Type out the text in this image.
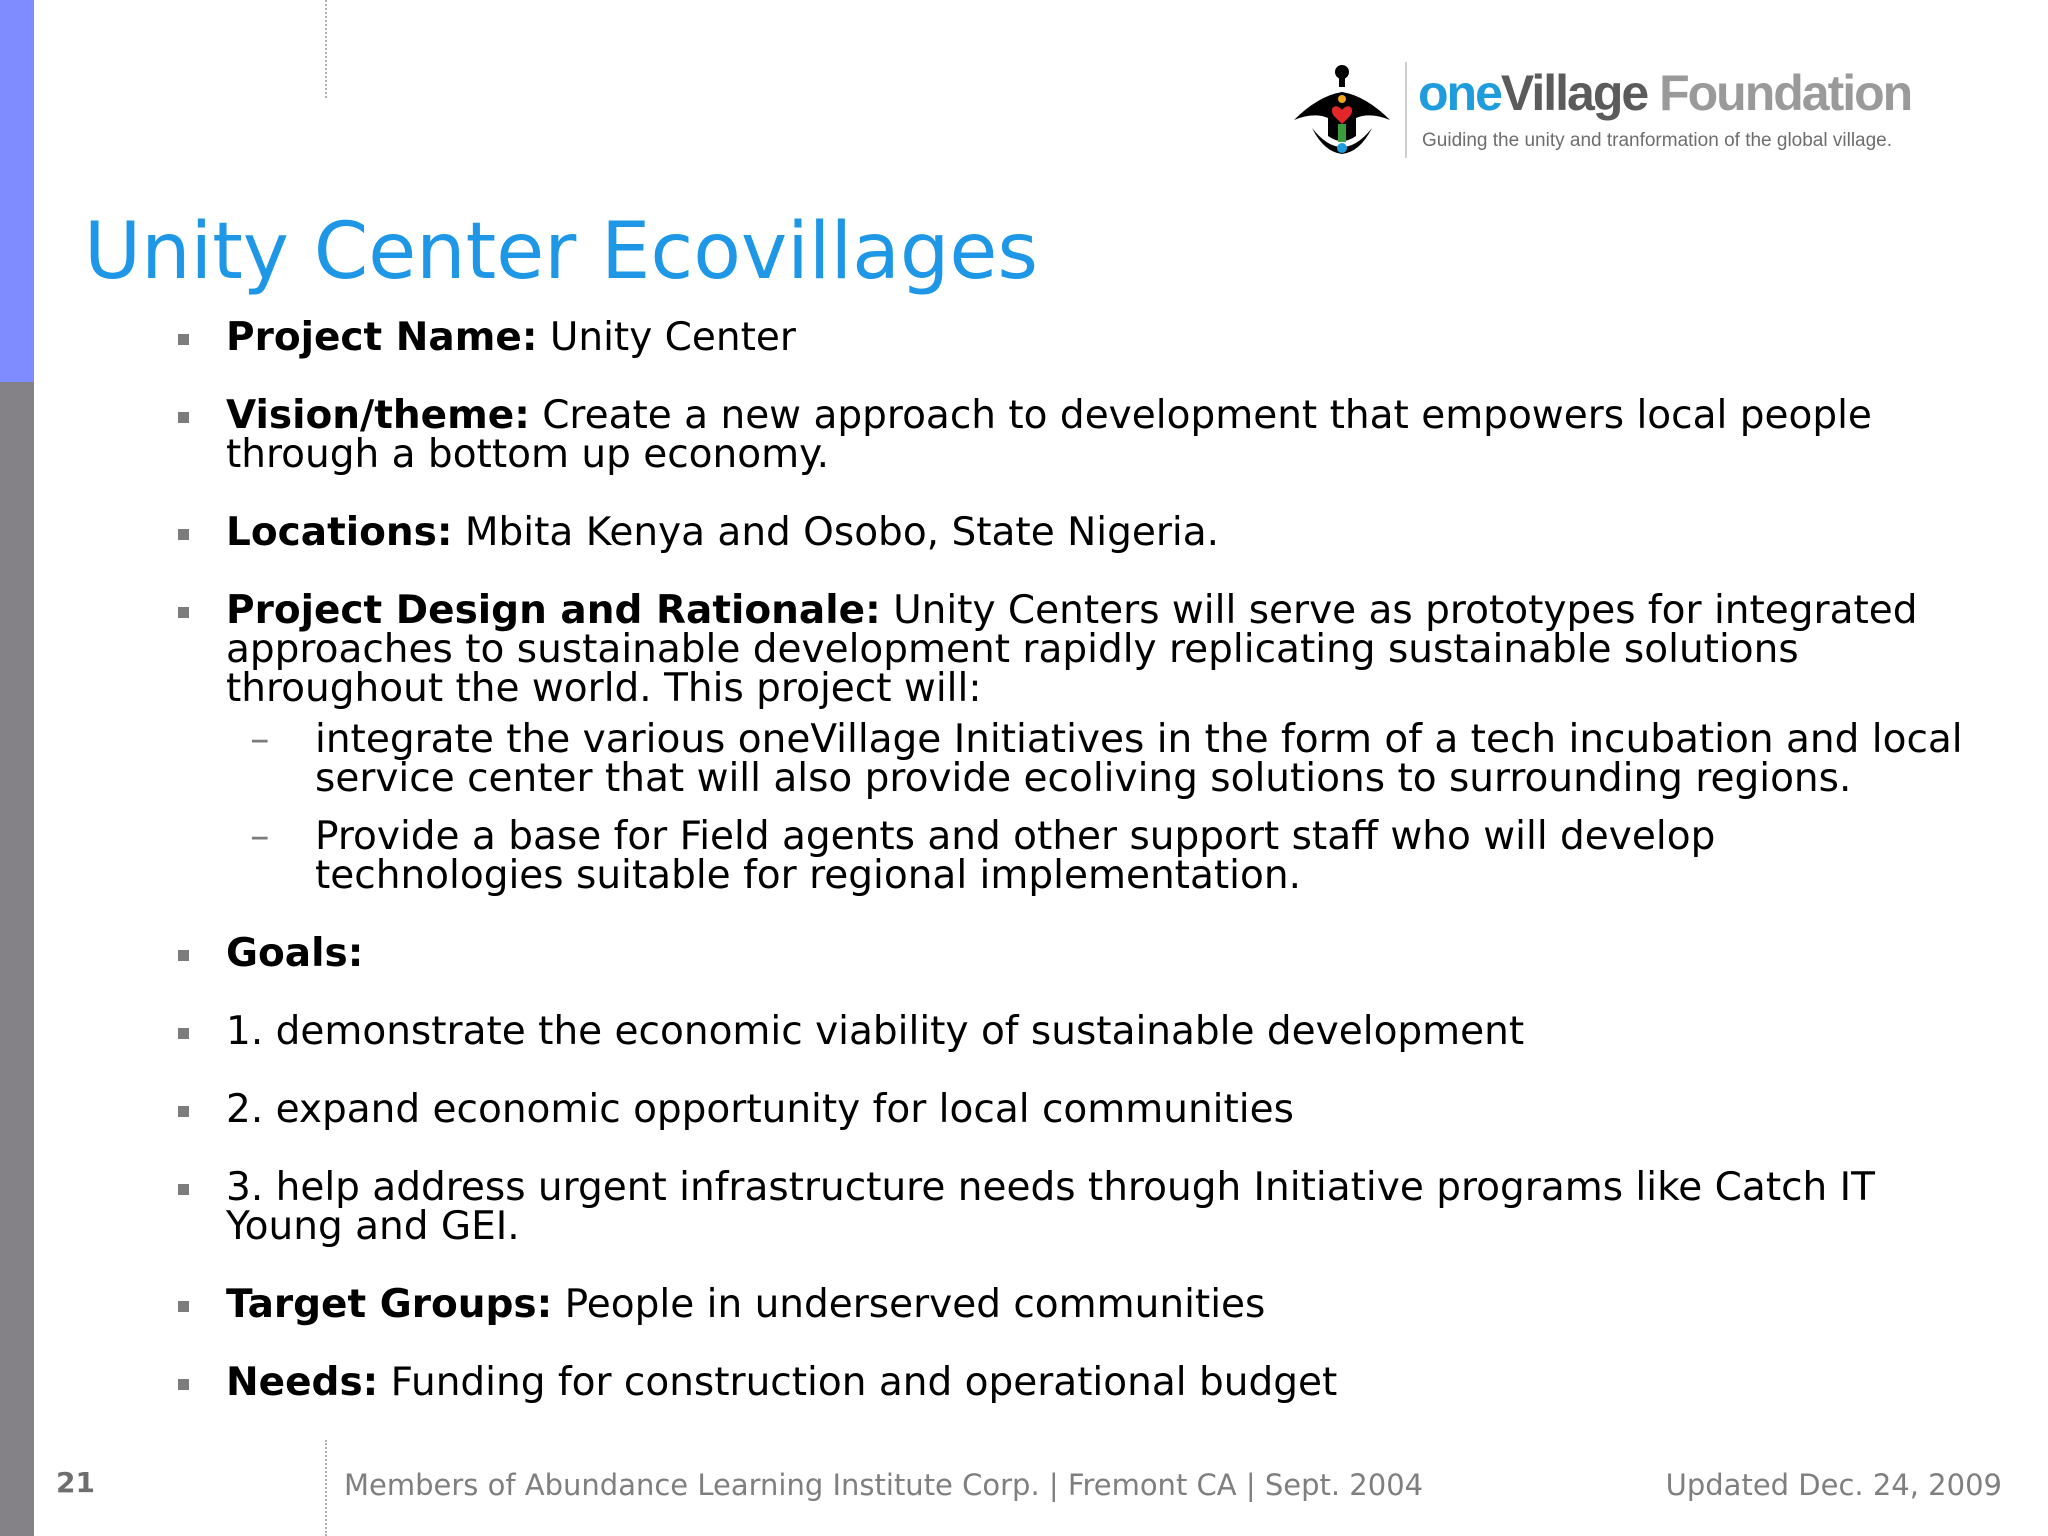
oneVillage Foundation
Guiding the unity and tranformation of the global village.
Unity Center Ecovillages
Project Name: Unity Center
Vision/theme: Create a new approach to development that empowers local people through a bottom up economy.
Locations: Mbita Kenya and Osobo, State Nigeria.
Project Design and Rationale: Unity Centers will serve as prototypes for integrated approaches to sustainable development rapidly replicating sustainable solutions throughout the world. This project will:
– integrate the various oneVillage Initiatives in the form of a tech incubation and local service center that will also provide ecoliving solutions to surrounding regions.
– Provide a base for Field agents and other support staff who will develop technologies suitable for regional implementation.
Goals:
1. demonstrate the economic viability of sustainable development
2. expand economic opportunity for local communities
3. help address urgent infrastructure needs through Initiative programs like Catch IT Young and GEI.
Target Groups: People in underserved communities
Needs: Funding for construction and operational budget
21	Members of Abundance Learning Institute Corp. | Fremont CA | Sept. 2004	Updated Dec. 24, 2009
